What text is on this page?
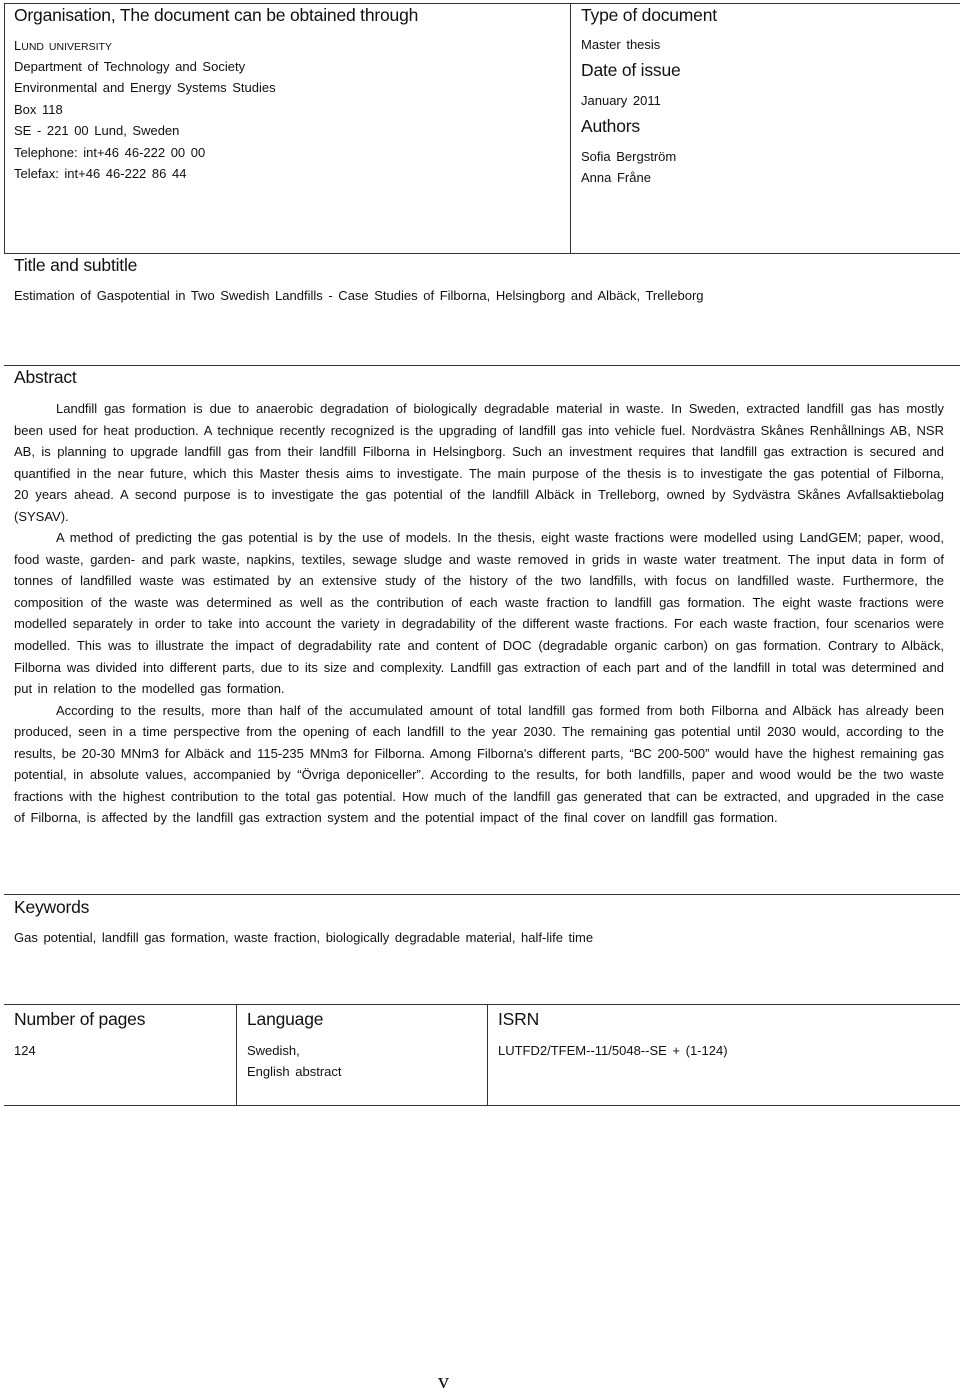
Organisation, The document can be obtained through
LUND UNIVERSITY
Department of Technology and Society
Environmental and Energy Systems Studies
Box 118
SE - 221 00 Lund, Sweden
Telephone: int+46 46-222 00 00
Telefax: int+46 46-222 86 44
Type of document
Master thesis
Date of issue
January 2011
Authors
Sofia Bergström
Anna Fråne
Title and subtitle
Estimation of Gaspotential in Two Swedish Landfills - Case Studies of Filborna, Helsingborg and Albäck, Trelleborg
Abstract

Landfill gas formation is due to anaerobic degradation of biologically degradable material in waste. In Sweden, extracted landfill gas has mostly been used for heat production. A technique recently recognized is the upgrading of landfill gas into vehicle fuel. Nordvästra Skånes Renhållnings AB, NSR AB, is planning to upgrade landfill gas from their landfill Filborna in Helsingborg. Such an investment requires that landfill gas extraction is secured and quantified in the near future, which this Master thesis aims to investigate. The main purpose of the thesis is to investigate the gas potential of Filborna, 20 years ahead. A second purpose is to investigate the gas potential of the landfill Albäck in Trelleborg, owned by Sydvästra Skånes Avfallsaktiebolag (SYSAV).

A method of predicting the gas potential is by the use of models. In the thesis, eight waste fractions were modelled using LandGEM; paper, wood, food waste, garden- and park waste, napkins, textiles, sewage sludge and waste removed in grids in waste water treatment. The input data in form of tonnes of landfilled waste was estimated by an extensive study of the history of the two landfills, with focus on landfilled waste. Furthermore, the composition of the waste was determined as well as the contribution of each waste fraction to landfill gas formation. The eight waste fractions were modelled separately in order to take into account the variety in degradability of the different waste fractions. For each waste fraction, four scenarios were modelled. This was to illustrate the impact of degradability rate and content of DOC (degradable organic carbon) on gas formation. Contrary to Albäck, Filborna was divided into different parts, due to its size and complexity. Landfill gas extraction of each part and of the landfill in total was determined and put in relation to the modelled gas formation.

According to the results, more than half of the accumulated amount of total landfill gas formed from both Filborna and Albäck has already been produced, seen in a time perspective from the opening of each landfill to the year 2030. The remaining gas potential until 2030 would, according to the results, be 20-30 MNm3 for Albäck and 115-235 MNm3 for Filborna. Among Filborna's different parts, “BC 200-500” would have the highest remaining gas potential, in absolute values, accompanied by “Övriga deponiceller”. According to the results, for both landfills, paper and wood would be the two waste fractions with the highest contribution to the total gas potential. How much of the landfill gas generated that can be extracted, and upgraded in the case of Filborna, is affected by the landfill gas extraction system and the potential impact of the final cover on landfill gas formation.

Keywords
Gas potential, landfill gas formation, waste fraction, biologically degradable material, half-life time
Number of pages
124
Language
Swedish,
English abstract
ISRN
LUTFD2/TFEM--11/5048--SE + (1-124)
v
